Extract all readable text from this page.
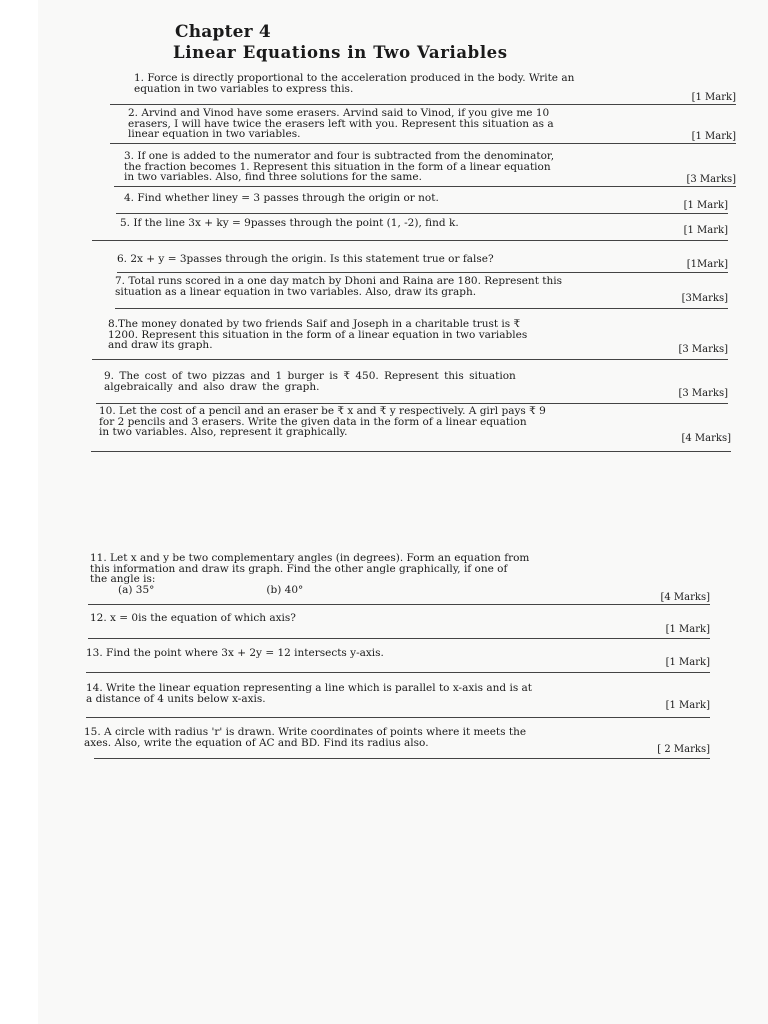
Chapter 4
Linear Equations in Two Variables
1. Force is directly proportional to the acceleration produced in the body. Write an
equation in two variables to express this.
[1 Mark]
2. Arvind and Vinod have some erasers. Arvind said to Vinod, if you give me 10
erasers, I will have twice the erasers left with you. Represent this situation as a
linear equation in two variables.	[1 Mark]
3. If one is added to the numerator and four is subtracted from the denominator,
the fraction becomes 1. Represent this situation in the form of a linear equation
in two variables. Also, find three solutions for the same.	[3 Marks]
4. Find whether liney = 3 passes through the origin or not.
[1 Mark]
5. If the line 3x + ky = 9passes through the point (1, -2), find k.
[1 Mark]
6. 2x + y = 3passes through the origin. Is this statement true or false?	[1Mark]
7. Total runs scored in a one day match by Dhoni and Raina are 180. Represent this
situation as a linear equation in two variables. Also, draw its graph.
[3Marks]
8.The money donated by two friends Saif and Joseph in a charitable trust is ₹
1200. Represent this situation in the form of a linear equation in two variables
and draw its graph.	[3 Marks]
9. The cost of two pizzas and 1 burger is ₹ 450. Represent this situation
algebraically and also draw the graph.
[3 Marks]
10. Let the cost of a pencil and an eraser be ₹ x and ₹ y respectively. A girl pays ₹ 9
for 2 pencils and 3 erasers. Write the given data in the form of a linear equation
in two variables. Also, represent it graphically.
[4 Marks]
11. Let x and y be two complementary angles (in degrees). Form an equation from
this information and draw its graph. Find the other angle graphically, if one of
the angle is:
(a) 35°	(b) 40°
[4 Marks]
12. x = 0is the equation of which axis?
[1 Mark]
13. Find the point where 3x + 2y = 12 intersects y-axis.
[1 Mark]
14. Write the linear equation representing a line which is parallel to x-axis and is at
a distance of 4 units below x-axis.
[1 Mark]
15. A circle with radius 'r' is drawn. Write coordinates of points where it meets the
axes. Also, write the equation of AC and BD. Find its radius also.
[ 2 Marks]
